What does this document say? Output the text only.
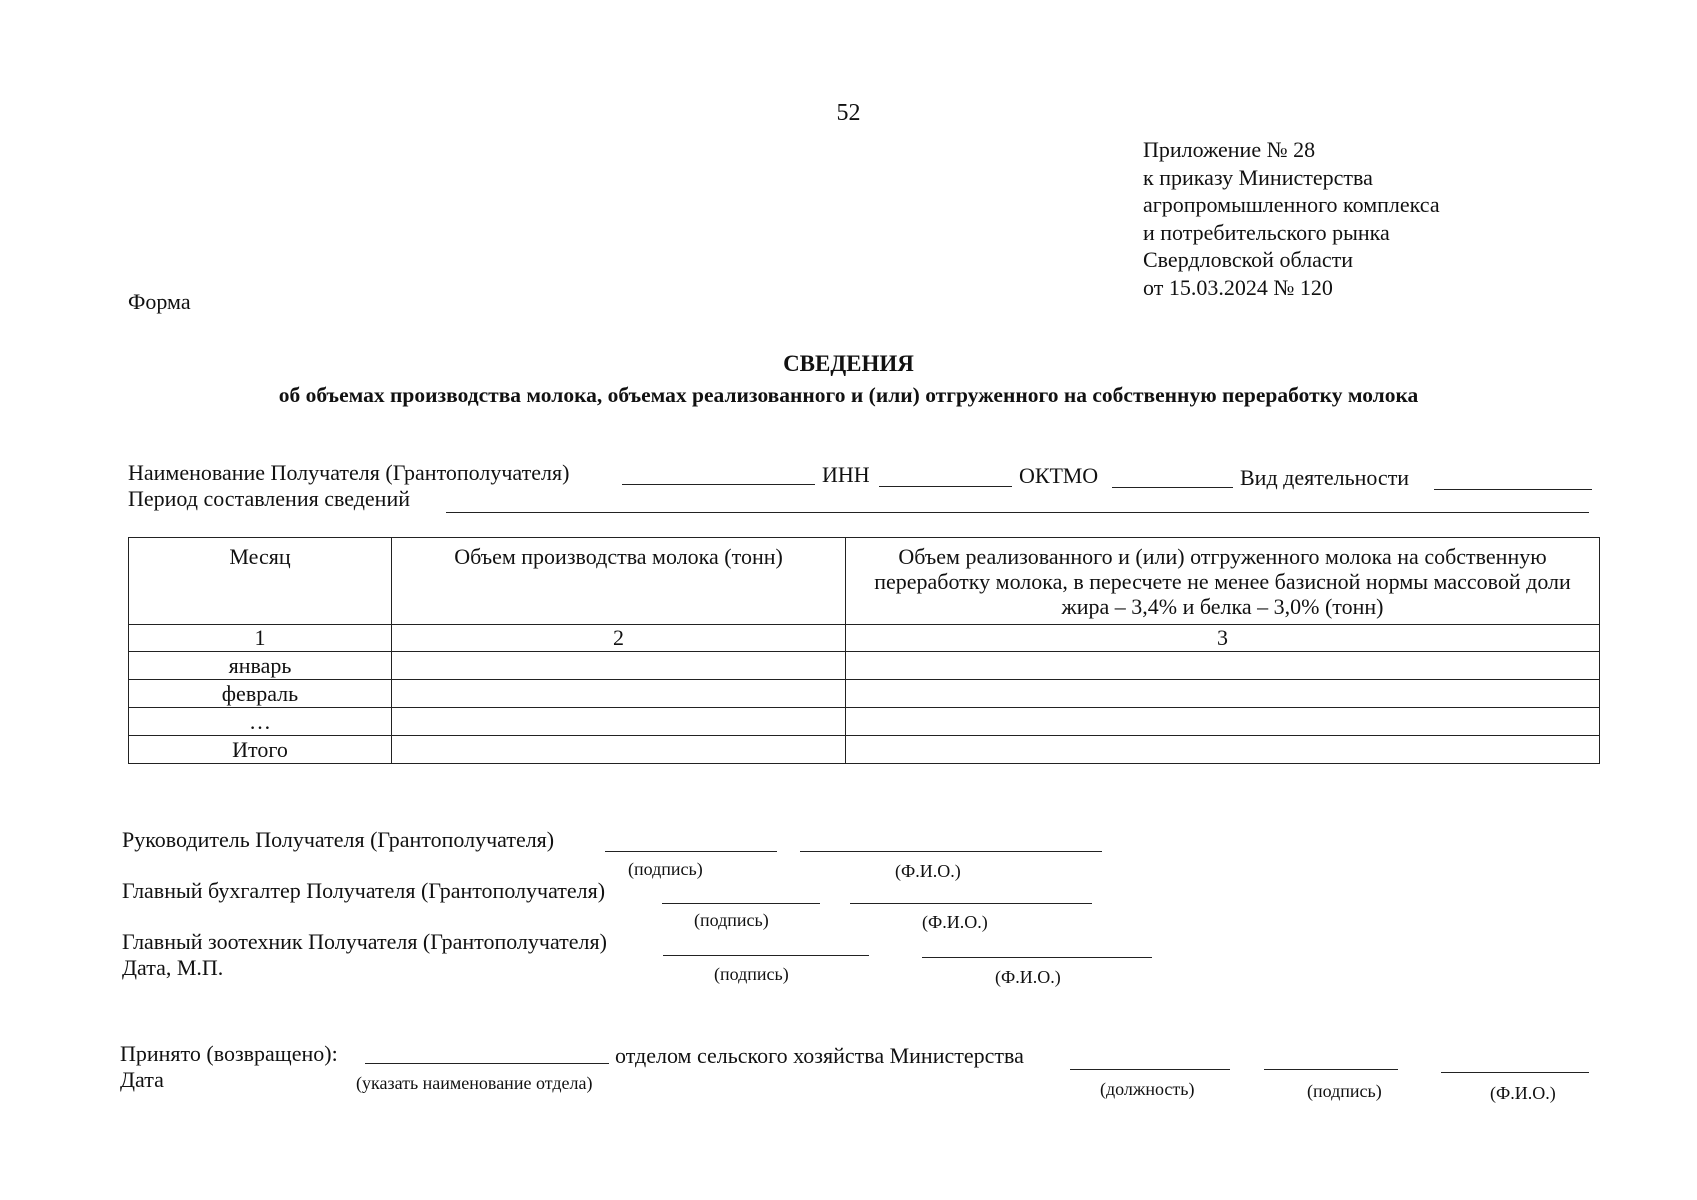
52
Приложение № 28
к приказу Министерства
агропромышленного комплекса
и потребительского рынка
Свердловской области
от 15.03.2024 № 120
Форма
СВЕДЕНИЯ
об объемах производства молока, объемах реализованного и (или) отгруженного на собственную переработку молока
Наименование Получателя (Грантополучателя)	ИНН	ОКТМО	Вид деятельности
Период составления сведений
Месяц	Объем производства молока (тонн)	Объем реализованного и (или) отгруженного молока на собственную переработку молока, в пересчете не менее базисной нормы массовой доли жира – 3,4% и белка – 3,0% (тонн)
1	2	3
январь		
февраль		
…		
Итого		
Руководитель Получателя (Грантополучателя)
(подпись)	(Ф.И.О.)
Главный бухгалтер Получателя (Грантополучателя)
(подпись)	(Ф.И.О.)
Главный зоотехник Получателя (Грантополучателя)
Дата, М.П.	(подпись)	(Ф.И.О.)
Принято (возвращено):	отделом сельского хозяйства Министерства
Дата	(указать наименование отдела)	(должность)	(подпись)	(Ф.И.О.)
